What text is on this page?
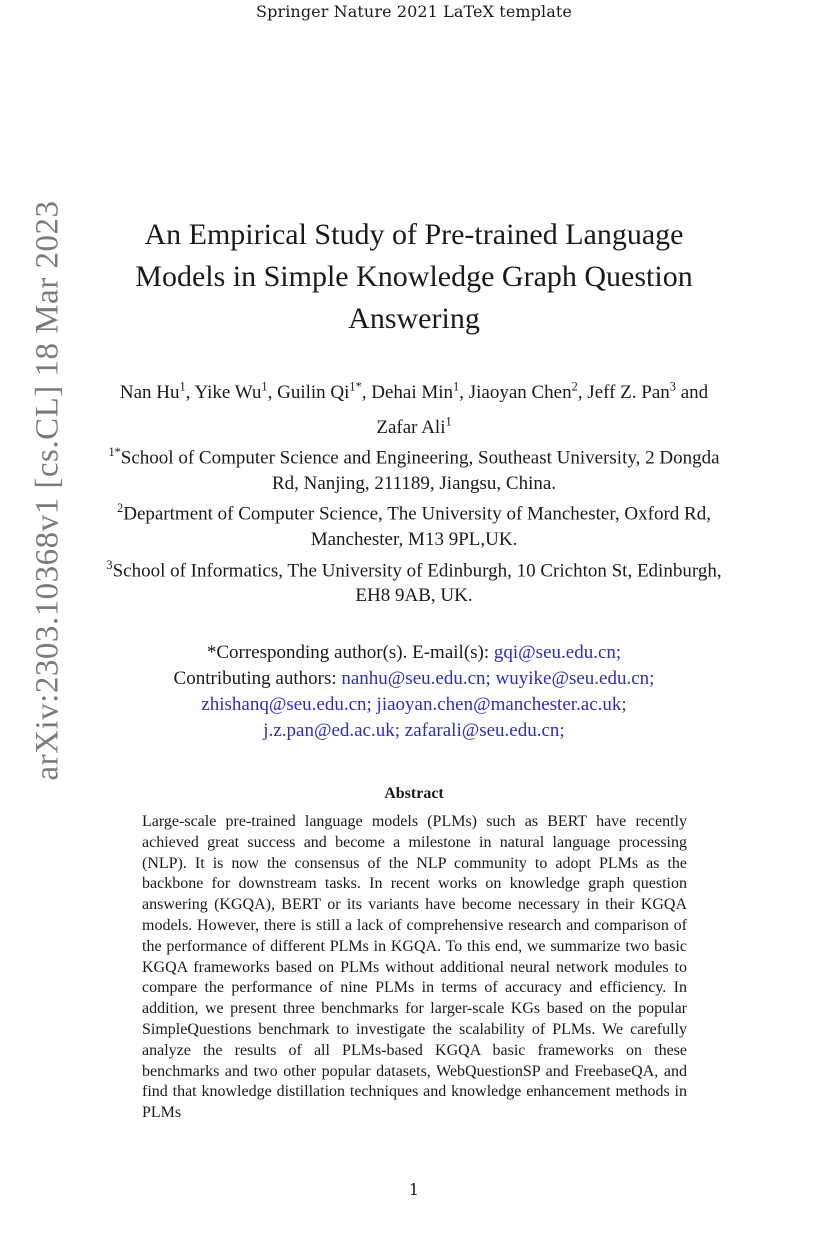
Springer Nature 2021 LaTeX template
arXiv:2303.10368v1 [cs.CL] 18 Mar 2023	An Empirical Study of Pre-trained Language Models in Simple Knowledge Graph Question Answering
Nan Hu$^1$, Yike Wu$^1$, Guilin $Qi^{1*}$, Dehai Min$^1$, Jiaoyan Chen$^2$, Jeff Z. Pan$^3$ and Zafar Ali$^1$
$^{1*}$School of Computer Science and Engineering, Southeast University, 2 Dongda Rd, Nanjing, 211189, Jiangsu, China.
$^2$Department of Computer Science, The University of Manchester, Oxford Rd, Manchester, M13 9PL,UK.
$^3$School of Informatics, The University of Edinburgh, 10 Crichton St, Edinburgh, EH8 9AB, UK.
*Corresponding author(s). E-mail(s): gqi@seu.edu.cn;
Contributing authors: nanhu@seu.edu.cn; wuyike@seu.edu.cn;
zhishanq@seu.edu.cn; jiaoyan.chen@manchester.ac.uk;
j.z.pan@ed.ac.uk; zafarali@seu.edu.cn;
Abstract
Large-scale pre-trained language models (PLMs) such as BERT have recently achieved great success and become a milestone in natural language processing (NLP). It is now the consensus of the NLP community to adopt PLMs as the backbone for downstream tasks. In recent works on knowledge graph question answering (KGQA), BERT or its variants have become necessary in their KGQA models. However, there is still a lack of comprehensive research and comparison of the performance of different PLMs in KGQA. To this end, we summarize two basic KGQA frameworks based on PLMs without additional neural network modules to compare the performance of nine PLMs in terms of accuracy and efficiency. In addition, we present three benchmarks for larger-scale KGs based on the popular SimpleQuestions benchmark to investigate the scalability of PLMs. We carefully analyze the results of all PLMs-based KGQA basic frameworks on these benchmarks and two other popular datasets, WebQuestionSP and FreebaseQA, and find that knowledge distillation techniques and knowledge enhancement methods in PLMs
1
